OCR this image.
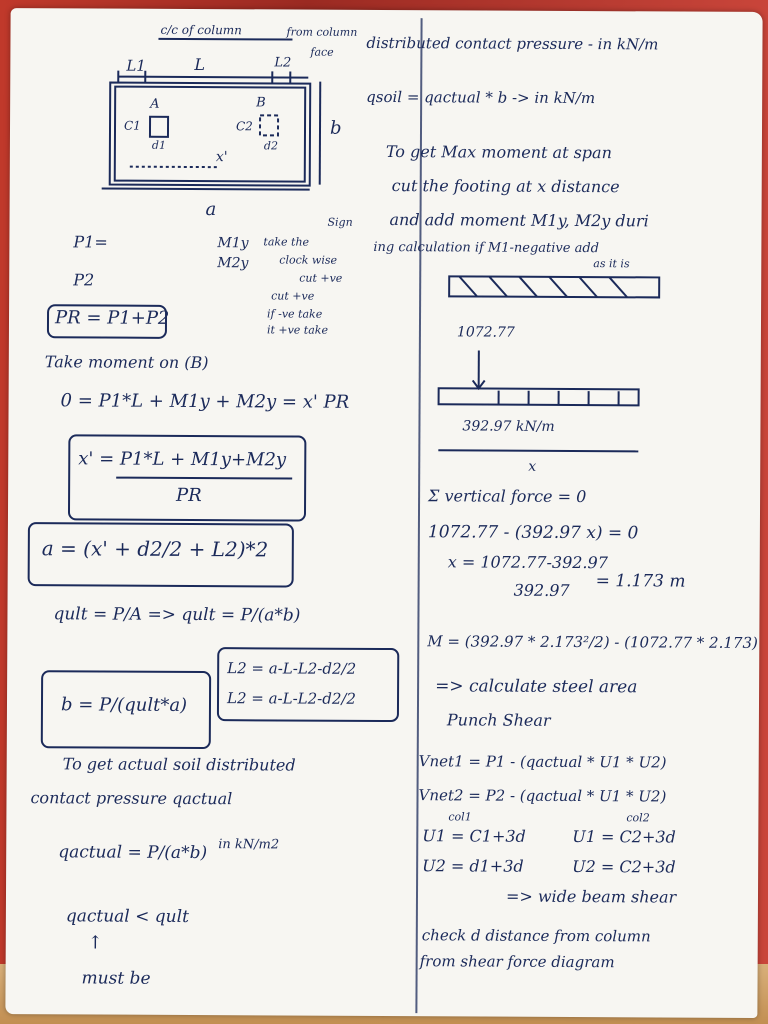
c/c of column	from column
face
L1	L	L2
b
a
A	B
C1	C2
d1	d2
x'
P1=
P2
M1y
M2y
take the
Sign
clock wise
cut +ve
cut +ve
if -ve take
it +ve take
PR = P1+P2
Take moment on (B)
0 = P1*L + M1y + M2y = x' PR
x' = P1*L + M1y+M2y
PR
a = (x' + d2/2 + L2)*2
qult = P/A => qult = P/(a*b)
b = P/(qult*a)
L2 = a-L-L2-d2/2
L2 = a-L-L2-d2/2
To get actual soil distributed
contact pressure qactual
qactual = P/(a*b) in kN/m2
qactual < qult
↑
must be
distributed contact pressure - in kN/m
qsoil = qactual * b -> in kN/m
To get Max moment at span
cut the footing at x distance
and add moment M1y, M2y duri
ing calculation if M1-negative add
as it is
1072.77
392.97 kN/m
x
Σ vertical force = 0
1072.77 - (392.97 x) = 0
x = 1072.77-392.97
392.97 = 1.173 m
M = (392.97 * 2.173²/2) - (1072.77 * 2.173)
=> calculate steel area
Punch Shear
Vnet1 = P1 - (qactual * U1 * U2)
Vnet2 = P2 - (qactual * U1 * U2)
col1	col2
U1 = C1+3d	U1 = C2+3d
U2 = d1+3d	U2 = C2+3d
=> wide beam shear
check d distance from column
from shear force diagram
